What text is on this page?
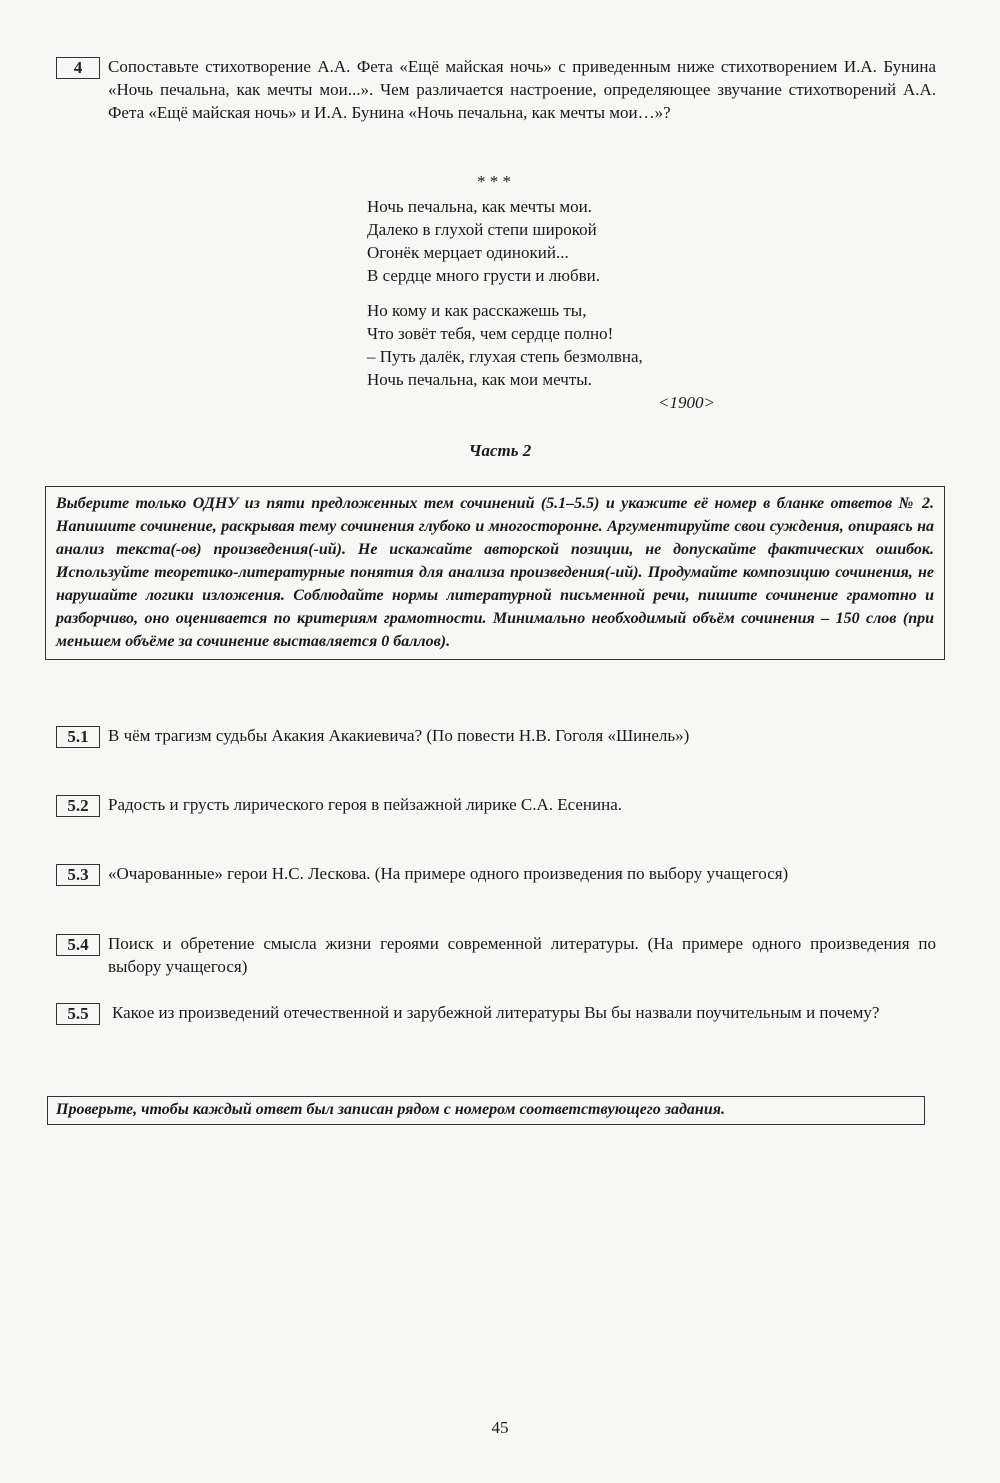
4	Сопоставьте стихотворение А.А. Фета «Ещё майская ночь» с приведенным ниже стихотворением И.А. Бунина «Ночь печальна, как мечты мои...». Чем различается настроение, определяющее звучание стихотворений А.А. Фета «Ещё майская ночь» и И.А. Бунина «Ночь печальна, как мечты мои…»?
* * *
Ночь печальна, как мечты мои.
Далеко в глухой степи широкой
Огонёк мерцает одинокий...
В сердце много грусти и любви.
Но кому и как расскажешь ты,
Что зовёт тебя, чем сердце полно!
– Путь далёк, глухая степь безмолвна,
Ночь печальна, как мои мечты.
<1900>
Часть 2
Выберите только ОДНУ из пяти предложенных тем сочинений (5.1–5.5) и укажите её номер в бланке ответов № 2. Напишите сочинение, раскрывая тему сочинения глубоко и многосторонне. Аргументируйте свои суждения, опираясь на анализ текста(-ов) произведения(-ий). Не искажайте авторской позиции, не допускайте фактических ошибок. Используйте теоретико-литературные понятия для анализа произведения(-ий). Продумайте композицию сочинения, не нарушайте логики изложения. Соблюдайте нормы литературной письменной речи, пишите сочинение грамотно и разборчиво, оно оценивается по критериям грамотности. Минимально необходимый объём сочинения – 150 слов (при меньшем объёме за сочинение выставляется 0 баллов).
5.1	В чём трагизм судьбы Акакия Акакиевича? (По повести Н.В. Гоголя «Шинель»)
5.2	Радость и грусть лирического героя в пейзажной лирике С.А. Есенина.
5.3	«Очарованные» герои Н.С. Лескова. (На примере одного произведения по выбору учащегося)
5.4	Поиск и обретение смысла жизни героями современной литературы. (На примере одного произведения по выбору учащегося)
5.5	Какое из произведений отечественной и зарубежной литературы Вы бы назвали поучительным и почему?
Проверьте, чтобы каждый ответ был записан рядом с номером соответствующего задания.
45
